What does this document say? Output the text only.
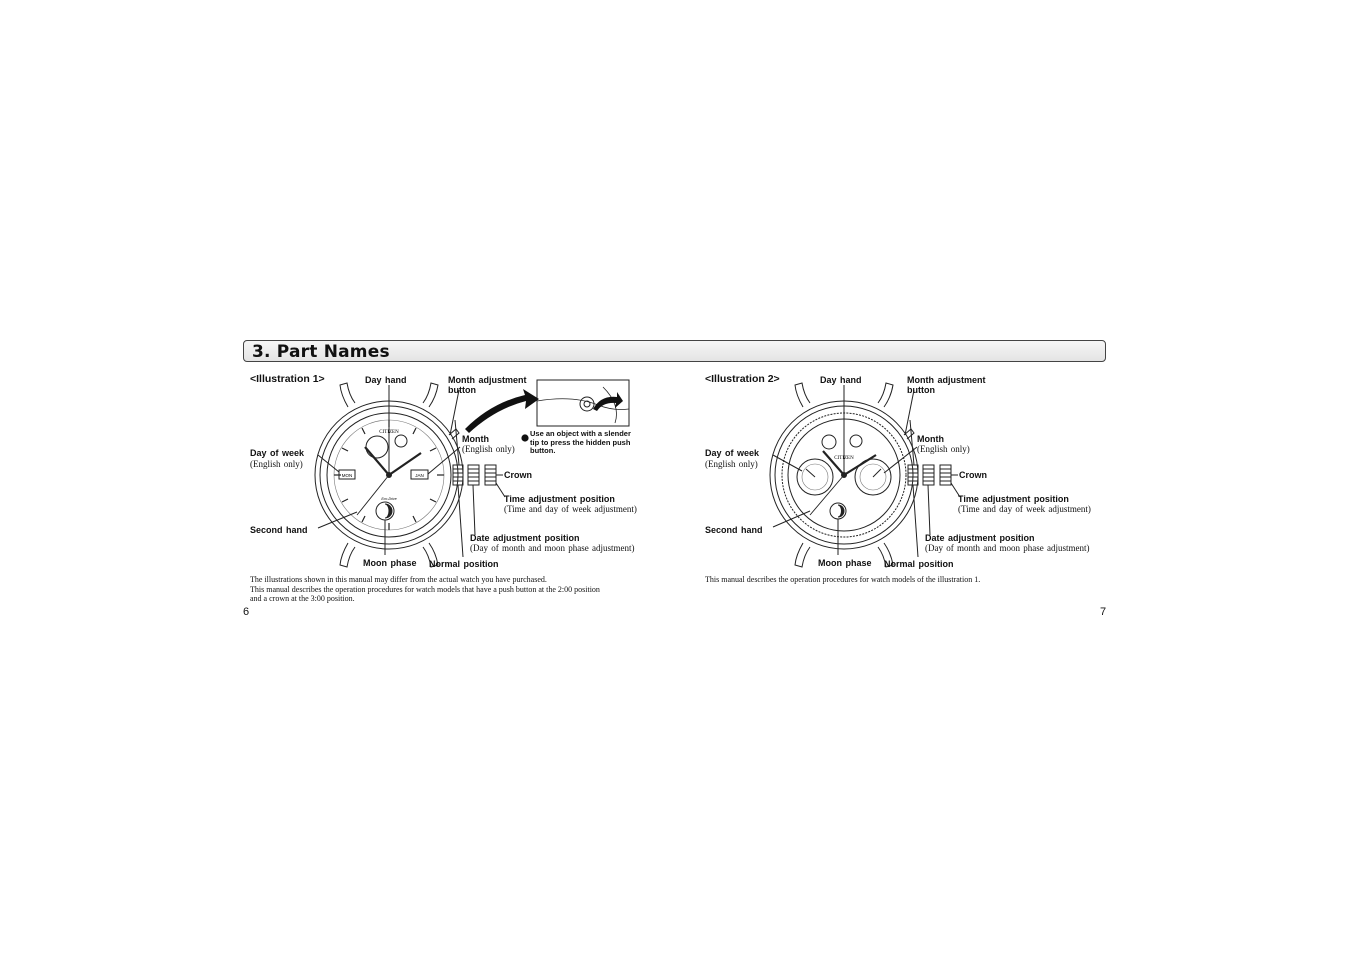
3. Part Names
<Illustration 1>
CITIZEN
Eco-Drive
MON	JAN
Day hand	Month adjustment
button
Month
(English only)
Day of week
(English only)
Crown
Time adjustment position
(Time and day of week adjustment)
Second hand
Date adjustment position
(Day of month and moon phase adjustment)
Moon phase Normal position
Use an object with a slender
tip to press the hidden push
button.
The illustrations shown in this manual may differ from the actual watch you have purchased.
This manual describes the operation procedures for watch models that have a push button at the 2:00 position
and a crown at the 3:00 position.
6
<Illustration 2>
CITIZEN
Day hand	Month adjustment
button
Month
(English only)
Day of week
(English only)
Crown
Time adjustment position
(Time and day of week adjustment)
Second hand
Date adjustment position
(Day of month and moon phase adjustment)
Moon phase Normal position
This manual describes the operation procedures for watch models of the illustration 1.
7
